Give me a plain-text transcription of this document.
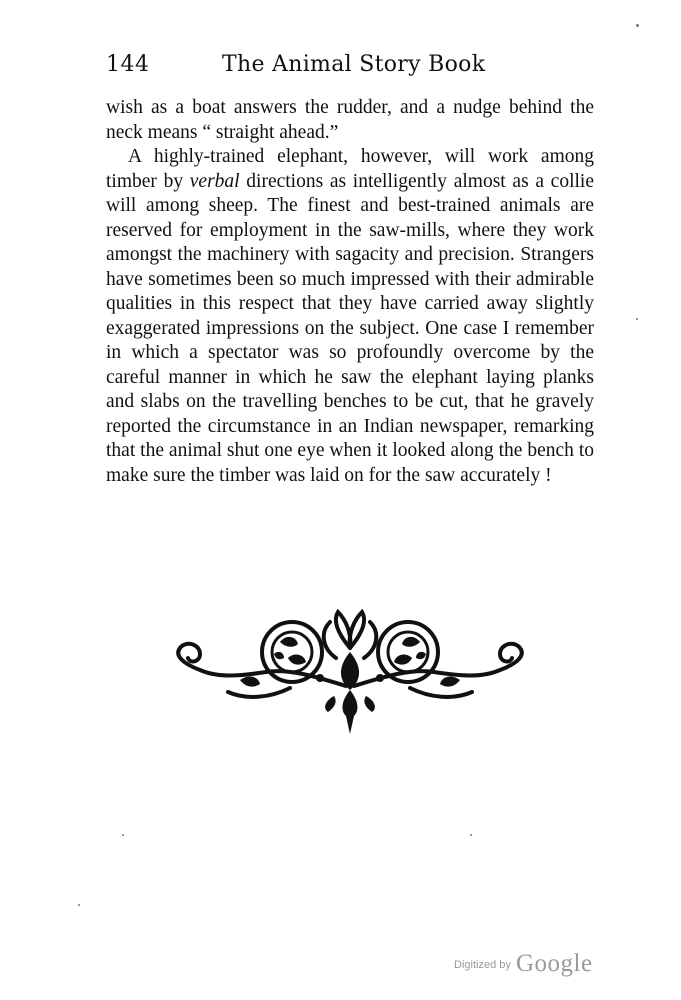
144	The Animal Story Book

wish as a boat answers the rudder, and a nudge behind the neck means “ straight ahead.”

A highly-trained elephant, however, will work among timber by verbal directions as intelligently almost as a collie will among sheep. The finest and best-trained animals are reserved for employment in the saw-mills, where they work amongst the machinery with sagacity and precision. Strangers have sometimes been so much impressed with their admirable qualities in this respect that they have carried away slightly exaggerated impressions on the subject. One case I remember in which a spectator was so profoundly overcome by the careful manner in which he saw the elephant laying planks and slabs on the travelling benches to be cut, that he gravely reported the circumstance in an Indian newspaper, remarking that the animal shut one eye when it looked along the bench to make sure the timber was laid on for the saw accurately !

Digitized by Google
